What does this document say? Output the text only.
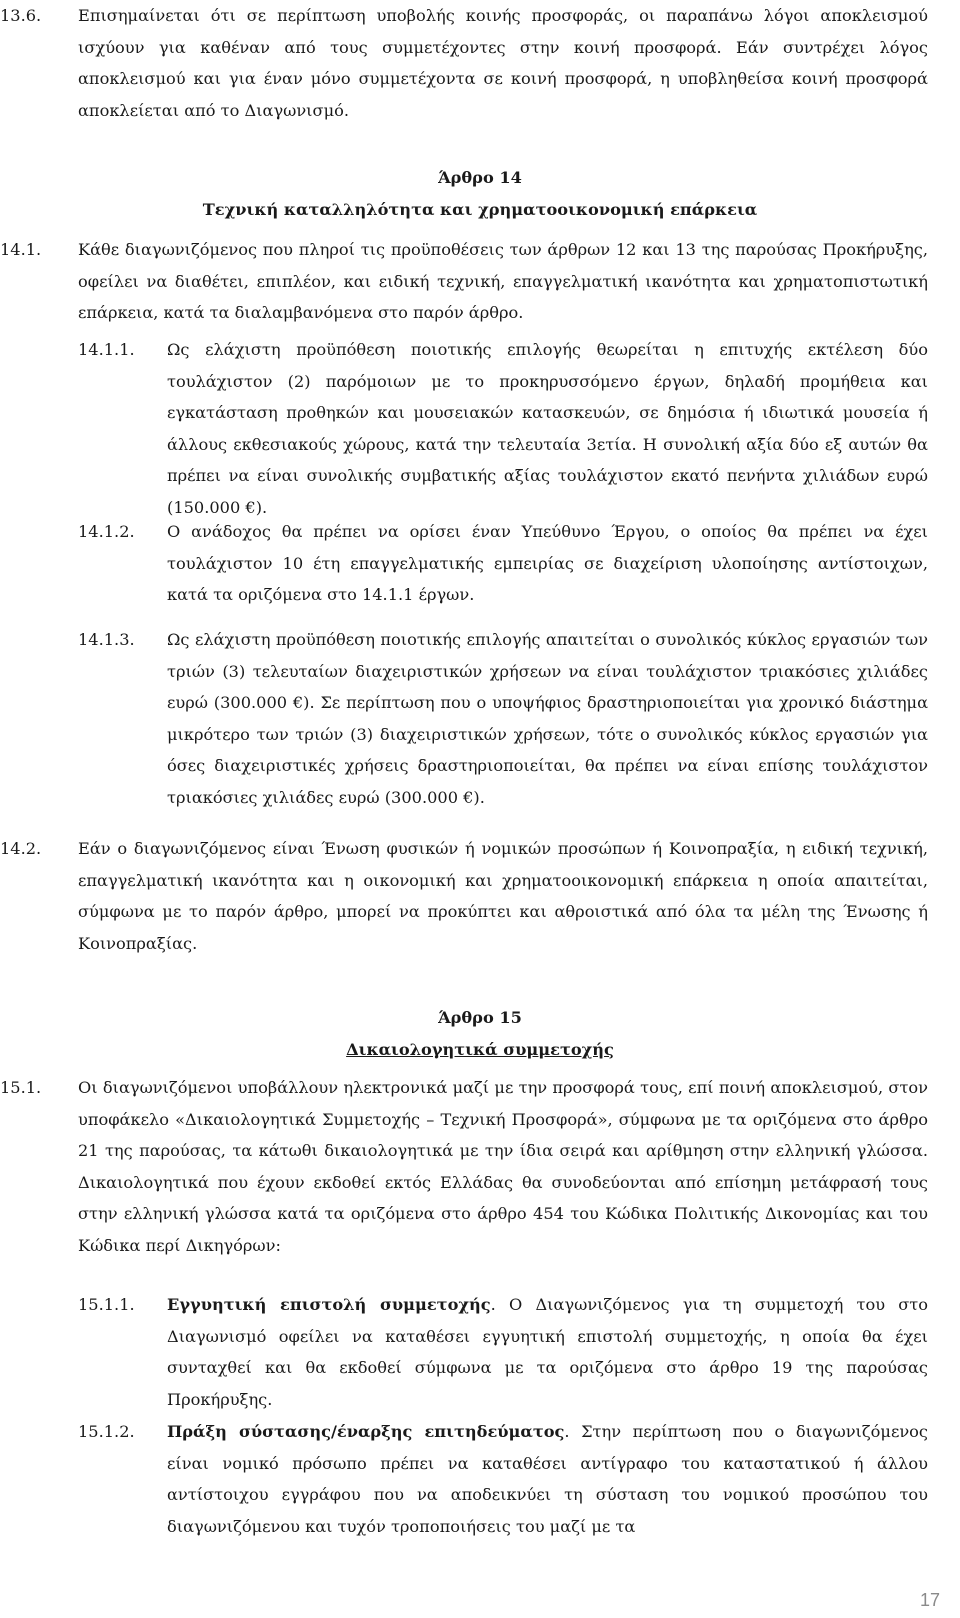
13.6. Επισημαίνεται ότι σε περίπτωση υποβολής κοινής προσφοράς, οι παραπάνω λόγοι αποκλεισμού ισχύουν για καθέναν από τους συμμετέχοντες στην κοινή προσφορά. Εάν συντρέχει λόγος αποκλεισμού και για έναν μόνο συμμετέχοντα σε κοινή προσφορά, η υποβληθείσα κοινή προσφορά αποκλείεται από το Διαγωνισμό.
Άρθρο 14
Τεχνική καταλληλότητα και χρηματοοικονομική επάρκεια
14.1. Κάθε διαγωνιζόμενος που πληροί τις προϋποθέσεις των άρθρων 12 και 13 της παρούσας Προκήρυξης, οφείλει να διαθέτει, επιπλέον, και ειδική τεχνική, επαγγελματική ικανότητα και χρηματοπιστωτική επάρκεια, κατά τα διαλαμβανόμενα στο παρόν άρθρο.
14.1.1. Ως ελάχιστη προϋπόθεση ποιοτικής επιλογής θεωρείται η επιτυχής εκτέλεση δύο τουλάχιστον (2) παρόμοιων με το προκηρυσσόμενο έργων, δηλαδή προμήθεια και εγκατάσταση προθηκών και μουσειακών κατασκευών, σε δημόσια ή ιδιωτικά μουσεία ή άλλους εκθεσιακούς χώρους, κατά την τελευταία 3ετία. Η συνολική αξία δύο εξ αυτών θα πρέπει να είναι συνολικής συμβατικής αξίας τουλάχιστον εκατό πενήντα χιλιάδων ευρώ (150.000 €).
14.1.2. Ο ανάδοχος θα πρέπει να ορίσει έναν Υπεύθυνο Έργου, ο οποίος θα πρέπει να έχει τουλάχιστον 10 έτη επαγγελματικής εμπειρίας σε διαχείριση υλοποίησης αντίστοιχων, κατά τα οριζόμενα στο 14.1.1 έργων.
14.1.3. Ως ελάχιστη προϋπόθεση ποιοτικής επιλογής απαιτείται ο συνολικός κύκλος εργασιών των τριών (3) τελευταίων διαχειριστικών χρήσεων να είναι τουλάχιστον τριακόσιες χιλιάδες ευρώ (300.000 €). Σε περίπτωση που ο υποψήφιος δραστηριοποιείται για χρονικό διάστημα μικρότερο των τριών (3) διαχειριστικών χρήσεων, τότε ο συνολικός κύκλος εργασιών για όσες διαχειριστικές χρήσεις δραστηριοποιείται, θα πρέπει να είναι επίσης τουλάχιστον τριακόσιες χιλιάδες ευρώ (300.000 €).
14.2. Εάν ο διαγωνιζόμενος είναι Ένωση φυσικών ή νομικών προσώπων ή Κοινοπραξία, η ειδική τεχνική, επαγγελματική ικανότητα και η οικονομική και χρηματοοικονομική επάρκεια η οποία απαιτείται, σύμφωνα με το παρόν άρθρο, μπορεί να προκύπτει και αθροιστικά από όλα τα μέλη της Ένωσης ή Κοινοπραξίας.
Άρθρο 15
Δικαιολογητικά συμμετοχής
15.1. Οι διαγωνιζόμενοι υποβάλλουν ηλεκτρονικά μαζί με την προσφορά τους, επί ποινή αποκλεισμού, στον υποφάκελο «Δικαιολογητικά Συμμετοχής – Τεχνική Προσφορά», σύμφωνα με τα οριζόμενα στο άρθρο 21 της παρούσας, τα κάτωθι δικαιολογητικά με την ίδια σειρά και αρίθμηση στην ελληνική γλώσσα. Δικαιολογητικά που έχουν εκδοθεί εκτός Ελλάδας θα συνοδεύονται από επίσημη μετάφρασή τους στην ελληνική γλώσσα κατά τα οριζόμενα στο άρθρο 454 του Κώδικα Πολιτικής Δικονομίας και του Κώδικα περί Δικηγόρων:
15.1.1. Εγγυητική επιστολή συμμετοχής. Ο Διαγωνιζόμενος για τη συμμετοχή του στο Διαγωνισμό οφείλει να καταθέσει εγγυητική επιστολή συμμετοχής, η οποία θα έχει συνταχθεί και θα εκδοθεί σύμφωνα με τα οριζόμενα στο άρθρο 19 της παρούσας Προκήρυξης.
15.1.2. Πράξη σύστασης/έναρξης επιτηδεύματος. Στην περίπτωση που ο διαγωνιζόμενος είναι νομικό πρόσωπο πρέπει να καταθέσει αντίγραφο του καταστατικού ή άλλου αντίστοιχου εγγράφου που να αποδεικνύει τη σύσταση του νομικού προσώπου του διαγωνιζόμενου και τυχόν τροποποιήσεις του μαζί με τα
17
